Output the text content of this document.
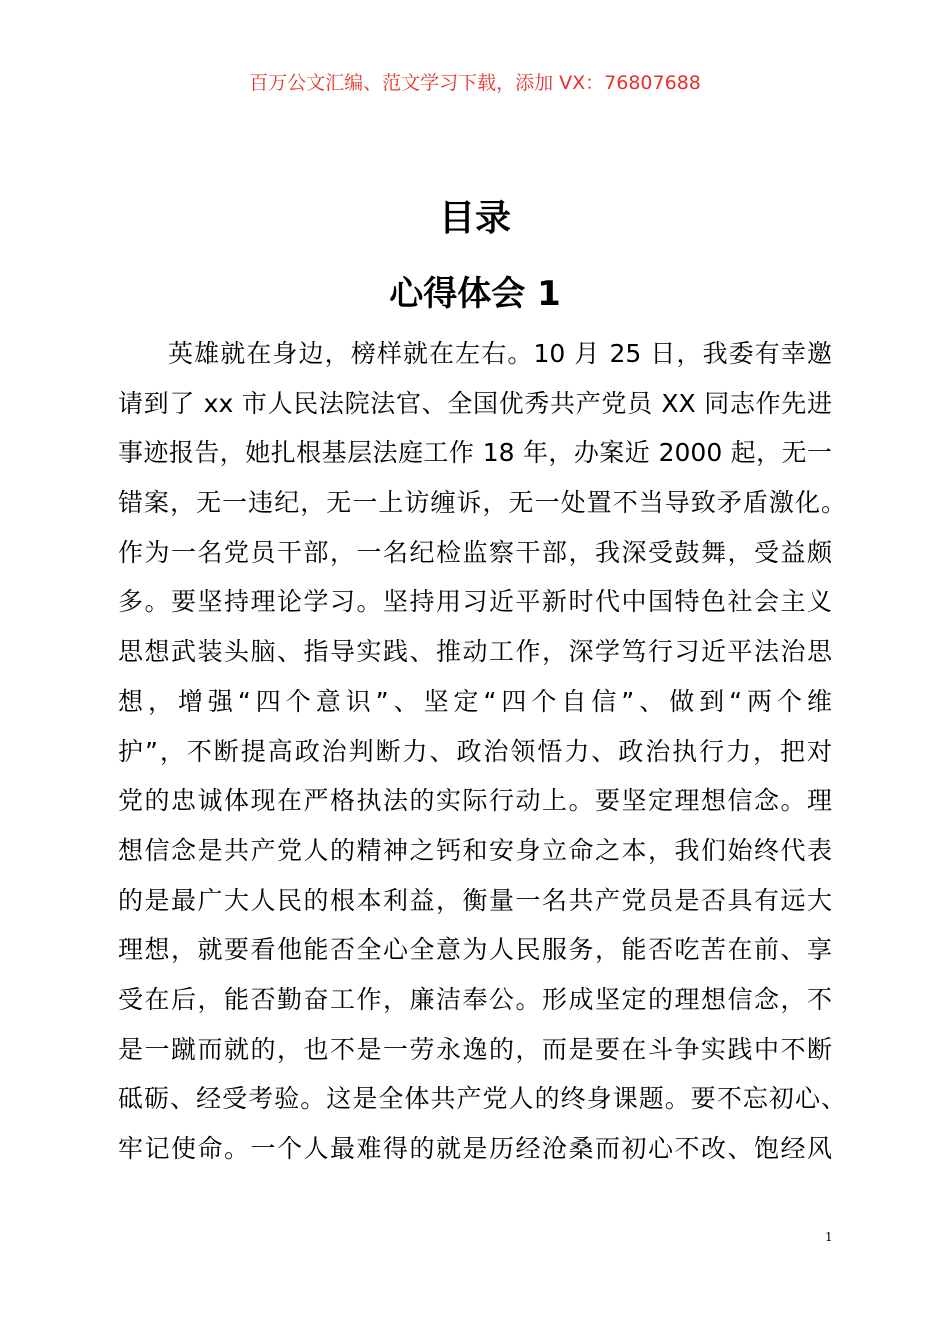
百万公文汇编、范文学习下载，添加 VX：76807688
目录
心得体会 1
英雄就在身边，榜样就在左右。10 月 25 日，我委有幸邀
请到了 xx 市人民法院法官、全国优秀共产党员 XX 同志作先进
事迹报告，她扎根基层法庭工作 18 年，办案近 2000 起，无一
错案，无一违纪，无一上访缠诉，无一处置不当导致矛盾激化。
作为一名党员干部，一名纪检监察干部，我深受鼓舞，受益颇
多。要坚持理论学习。坚持用习近平新时代中国特色社会主义
思想武装头脑、指导实践、推动工作，深学笃行习近平法治思
想，增强“四个意识”、坚定“四个自信”、做到“两个维
护”，不断提高政治判断力、政治领悟力、政治执行力，把对
党的忠诚体现在严格执法的实际行动上。要坚定理想信念。理
想信念是共产党人的精神之钙和安身立命之本，我们始终代表
的是最广大人民的根本利益，衡量一名共产党员是否具有远大
理想，就要看他能否全心全意为人民服务，能否吃苦在前、享
受在后，能否勤奋工作，廉洁奉公。形成坚定的理想信念，不
是一蹴而就的，也不是一劳永逸的，而是要在斗争实践中不断
砥砺、经受考验。这是全体共产党人的终身课题。要不忘初心、
牢记使命。一个人最难得的就是历经沧桑而初心不改、饱经风
1
